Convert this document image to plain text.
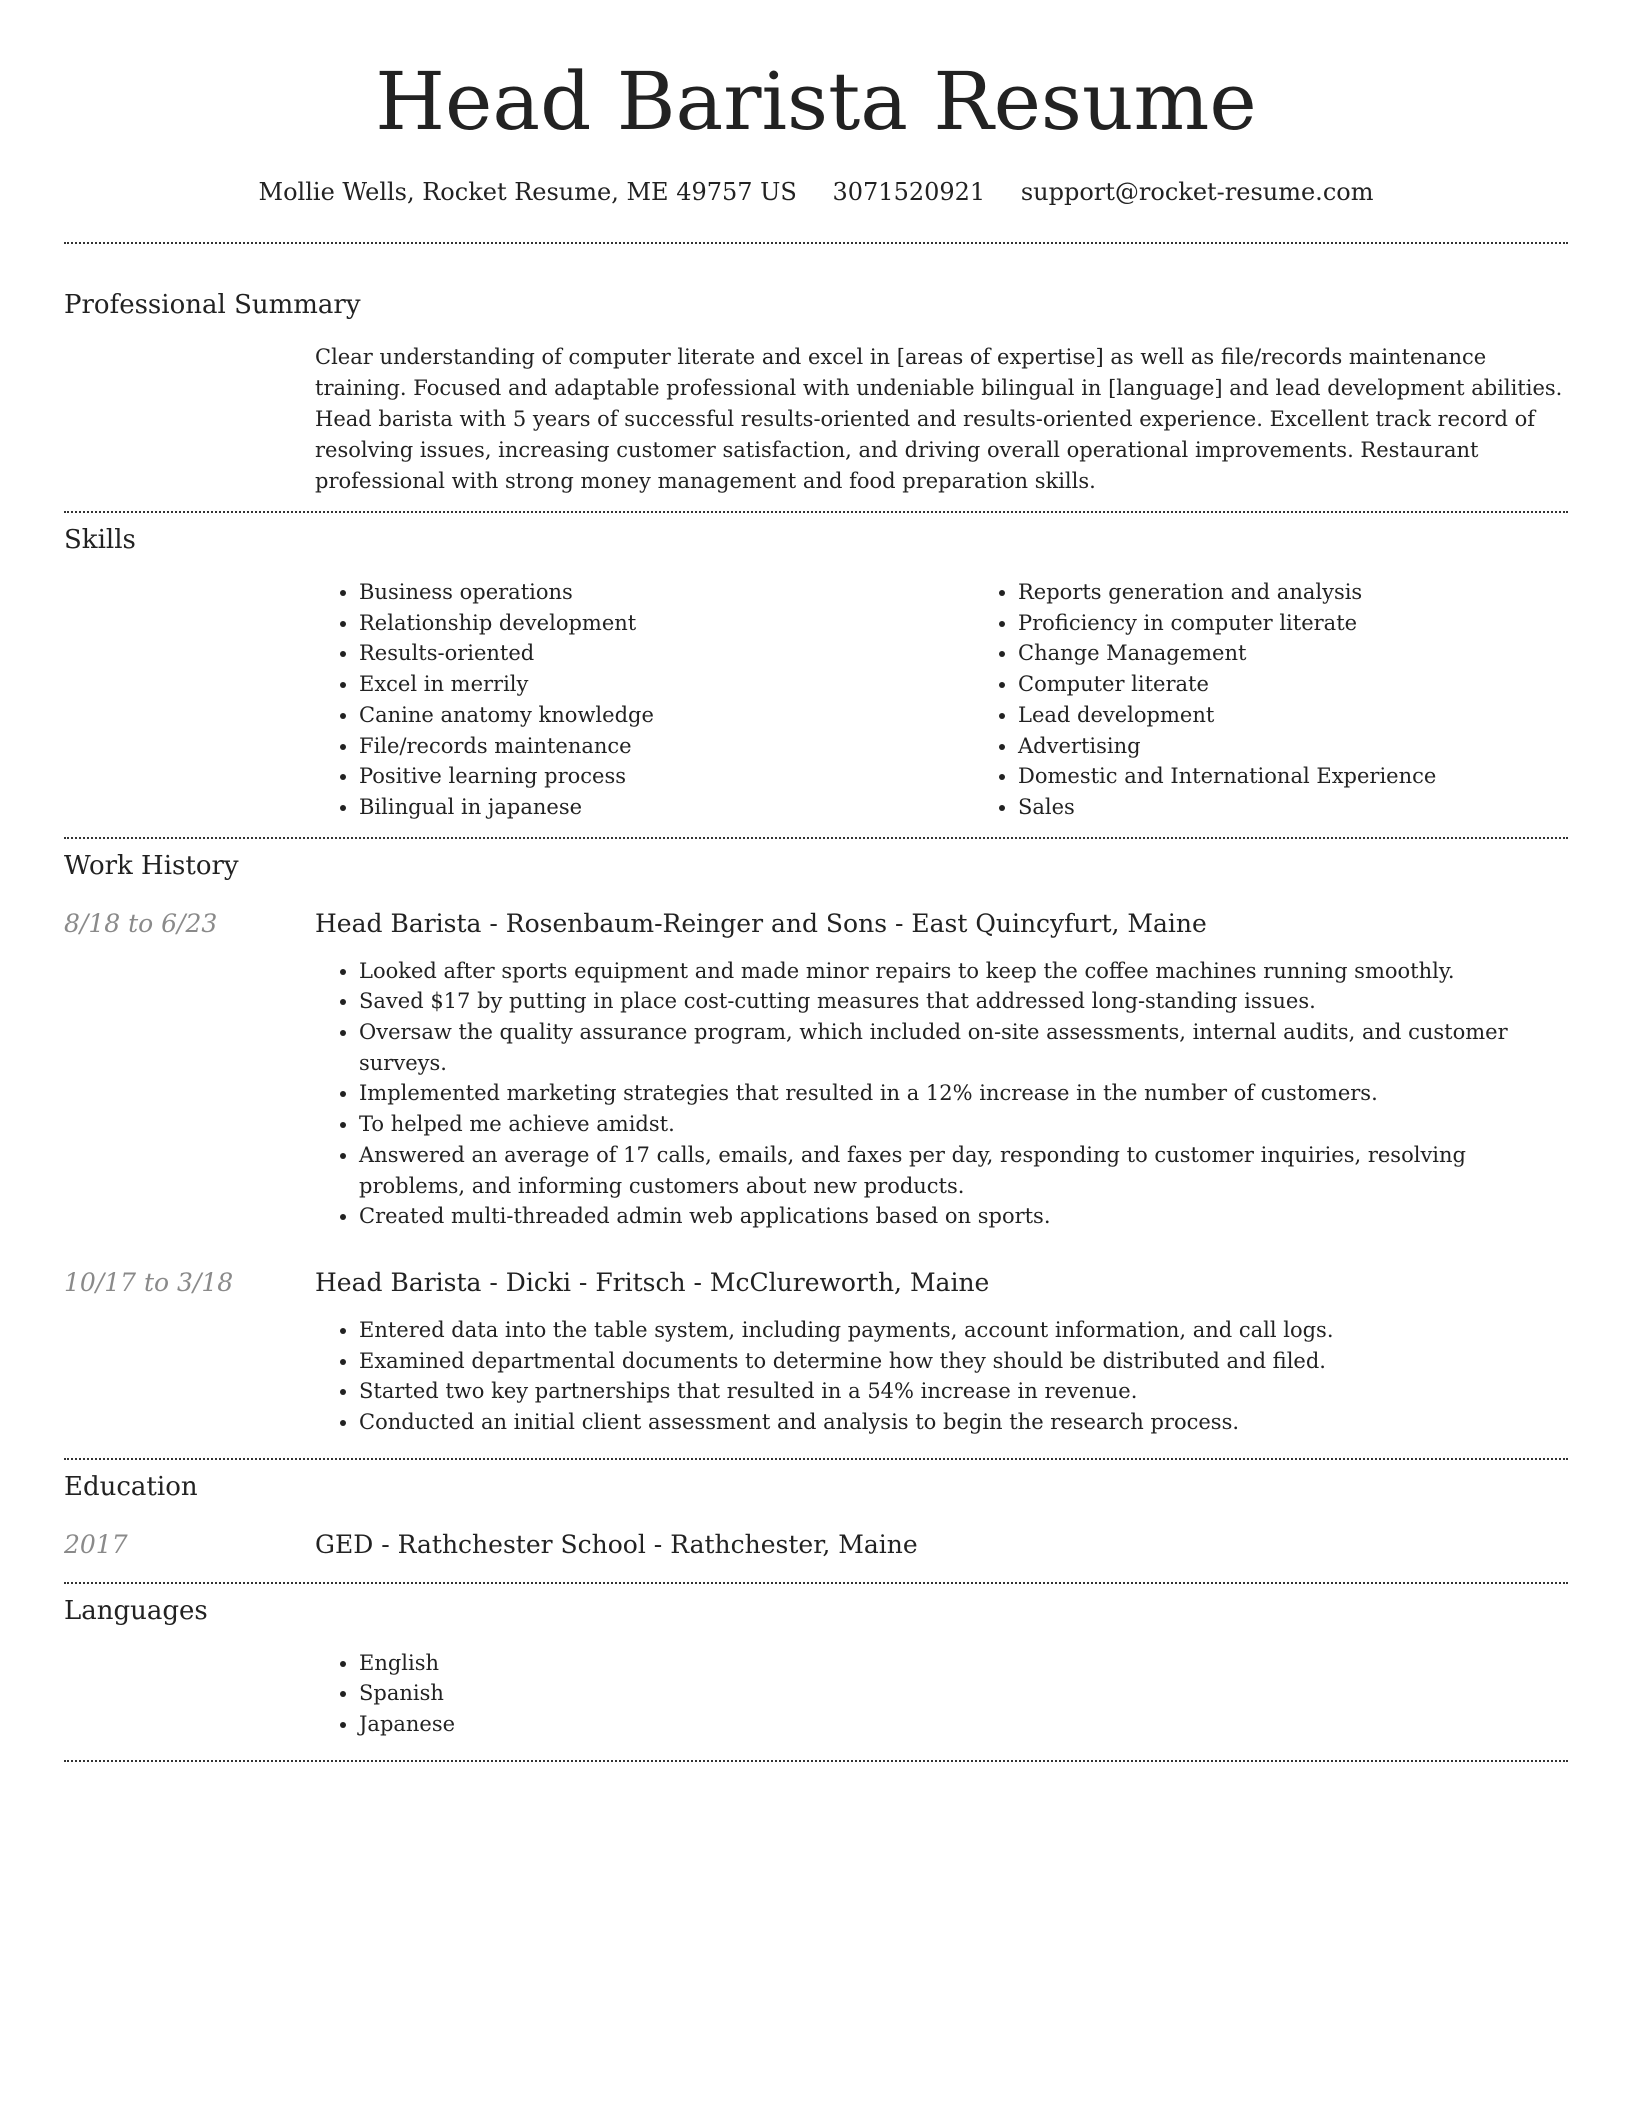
Head Barista Resume
Mollie Wells, Rocket Resume, ME 49757 US 3071520921 support@rocket-resume.com
Professional Summary

Clear understanding of computer literate and excel in [areas of expertise] as well as file/records maintenance training. Focused and adaptable professional with undeniable bilingual in [language] and lead development abilities. Head barista with 5 years of successful results-oriented and results-oriented experience. Excellent track record of resolving issues, increasing customer satisfaction, and driving overall operational improvements. Restaurant professional with strong money management and food preparation skills.

Skills
• Business operations
• Relationship development
• Results-oriented
• Excel in merrily
• Canine anatomy knowledge
• File/records maintenance
• Positive learning process
• Bilingual in japanese
• Reports generation and analysis
• Proficiency in computer literate
• Change Management
• Computer literate
• Lead development
• Advertising
• Domestic and International Experience
• Sales
Work History
8/18 to 6/23	Head Barista - Rosenbaum-Reinger and Sons - East Quincyfurt, Maine

• Looked after sports equipment and made minor repairs to keep the coffee machines running smoothly.
• Saved $17 by putting in place cost-cutting measures that addressed long-standing issues.
• Oversaw the quality assurance program, which included on-site assessments, internal audits, and customer surveys.
• Implemented marketing strategies that resulted in a 12% increase in the number of customers.
• To helped me achieve amidst.
• Answered an average of 17 calls, emails, and faxes per day, responding to customer inquiries, resolving problems, and informing customers about new products.
• Created multi-threaded admin web applications based on sports.
10/17 to 3/18	Head Barista - Dicki - Fritsch - McClureworth, Maine

• Entered data into the table system, including payments, account information, and call logs.
• Examined departmental documents to determine how they should be distributed and filed.
• Started two key partnerships that resulted in a 54% increase in revenue.
• Conducted an initial client assessment and analysis to begin the research process.
Education
2017	GED - Rathchester School - Rathchester, Maine

Languages
• English
• Spanish
• Japanese
